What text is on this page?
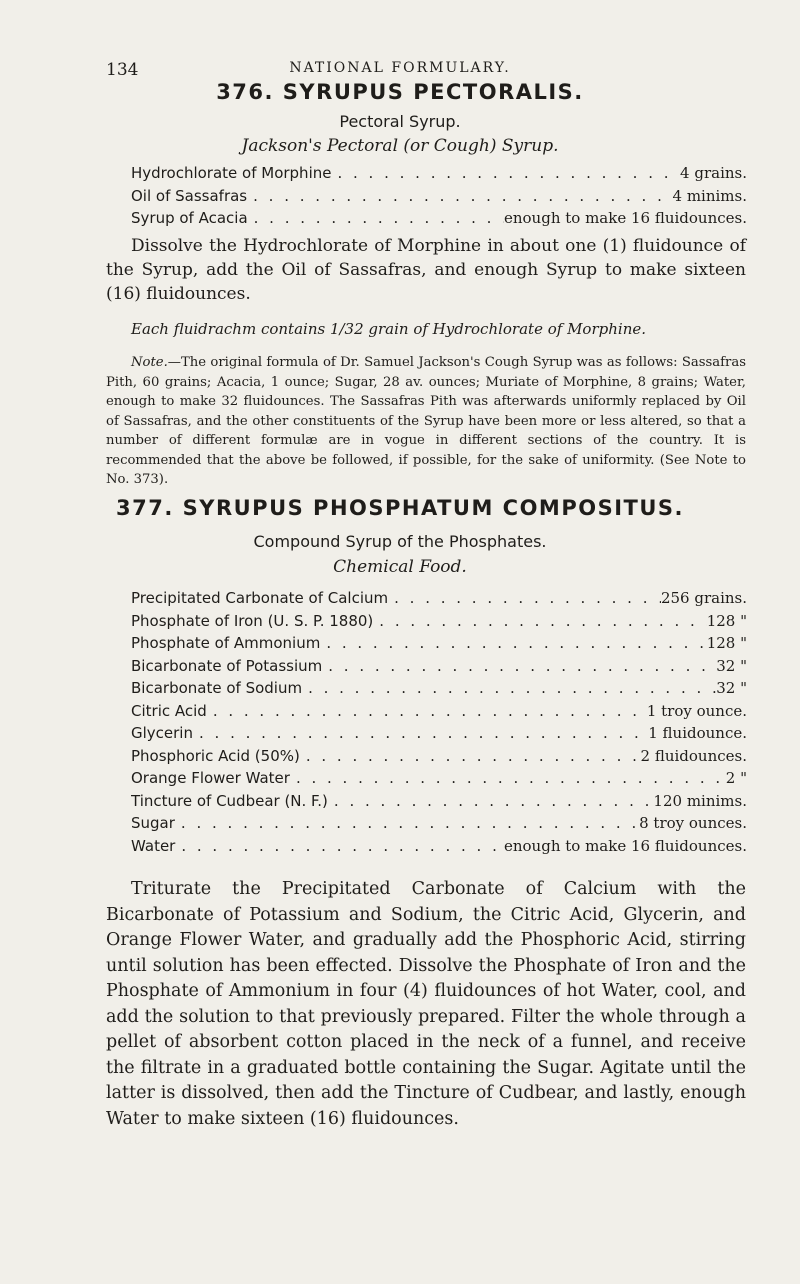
134	NATIONAL FORMULARY.
376. SYRUPUS PECTORALIS.
Pectoral Syrup.
Jackson's Pectoral (or Cough) Syrup.
Hydrochlorate of Morphine . . .	4 grains.
Oil of Sassafras . . .	4 minims.
Syrup of Acacia . . .	enough to make 16 fluidounces.
Dissolve the Hydrochlorate of Morphine in about one (1) fluidounce of the Syrup, add the Oil of Sassafras, and enough Syrup to make sixteen (16) fluidounces.
Each fluidrachm contains 1/32 grain of Hydrochlorate of Morphine.
Note.—The original formula of Dr. Samuel Jackson's Cough Syrup was as follows: Sassafras Pith, 60 grains; Acacia, 1 ounce; Sugar, 28 av. ounces; Muriate of Morphine, 8 grains; Water, enough to make 32 fluidounces. The Sassafras Pith was afterwards uniformly replaced by Oil of Sassafras, and the other constituents of the Syrup have been more or less altered, so that a number of different formulæ are in vogue in different sections of the country. It is recommended that the above be followed, if possible, for the sake of uniformity. (See Note to No. 373).
377. SYRUPUS PHOSPHATUM COMPOSITUS.
Compound Syrup of the Phosphates.
Chemical Food.
Precipitated Carbonate of Calcium . . .	256 grains.
Phosphate of Iron (U. S. P. 1880) . . .	128 "
Phosphate of Ammonium . . .	128 "
Bicarbonate of Potassium . . .	32 "
Bicarbonate of Sodium . . .	32 "
Citric Acid . . .	1 troy ounce.
Glycerin . . .	1 fluidounce.
Phosphoric Acid (50%) . . .	2 fluidounces.
Orange Flower Water . . .	2 "
Tincture of Cudbear (N. F.) . . .	120 minims.
Sugar . . .	8 troy ounces.
Water . . .	enough to make 16 fluidounces.
Triturate the Precipitated Carbonate of Calcium with the Bicarbonate of Potassium and Sodium, the Citric Acid, Glycerin, and Orange Flower Water, and gradually add the Phosphoric Acid, stirring until solution has been effected. Dissolve the Phosphate of Iron and the Phosphate of Ammonium in four (4) fluidounces of hot Water, cool, and add the solution to that previously prepared. Filter the whole through a pellet of absorbent cotton placed in the neck of a funnel, and receive the filtrate in a graduated bottle containing the Sugar. Agitate until the latter is dissolved, then add the Tincture of Cudbear, and lastly, enough Water to make sixteen (16) fluidounces.
